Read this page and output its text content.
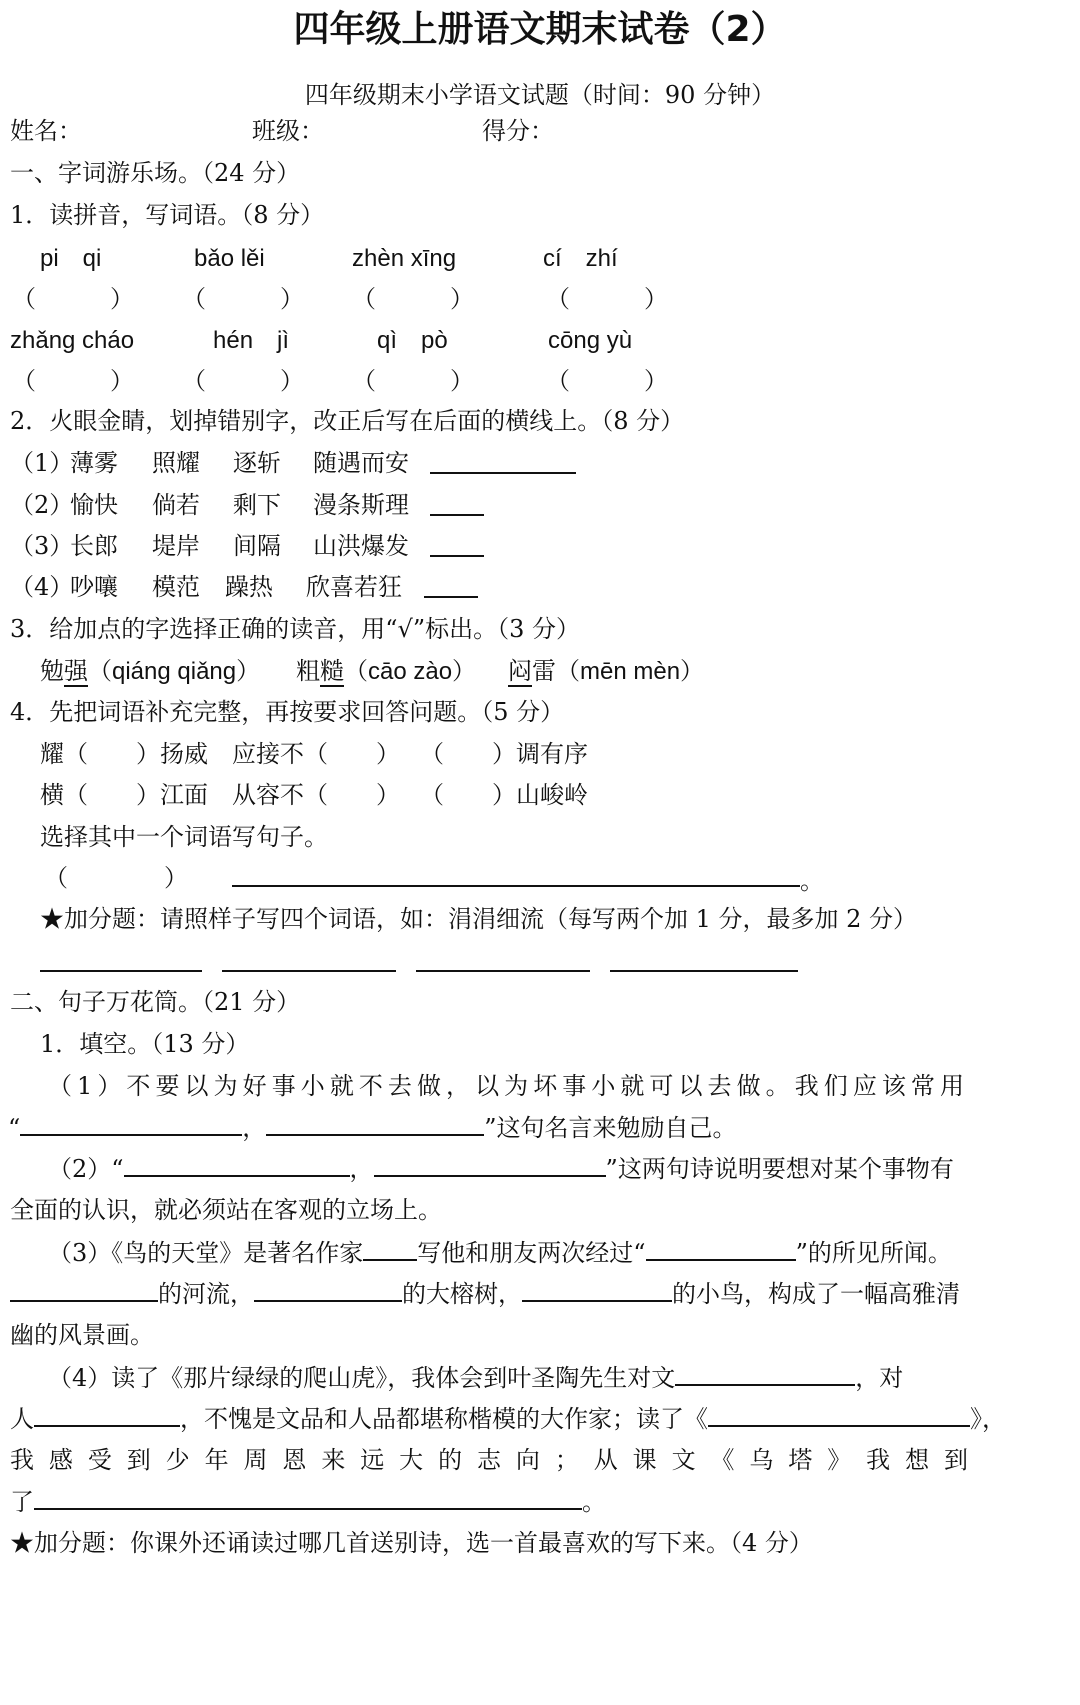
四年级上册语文期末试卷（2）
四年级期末小学语文试题（时间：90 分钟）
姓名：	班级：	得分：
一、字词游乐场。（24 分）
1．读拼音，写词语。（8 分）
pi　qi	bǎo lěi	zhèn xīng	cí　zhí
（	） （	） （	）	（	）
zhǎng cháo	hén　jì	qì　pò	cōng yù
（	） （	） （	）	（	）
2．火眼金睛，划掉错别字，改正后写在后面的横线上。（8 分）
（1）
薄雾 照耀 逐斩 随遇而安
（2）
愉快 倘若 剩下 漫条斯理
（3）
长郎 堤岸 间隔 山洪爆发
（4）
吵嚷 模范 躁热 欣喜若狂
3．给加点的字选择正确的读音，用“√”标出。（3 分）
勉强（qiáng qiǎng） 粗糙（cāo zào） 闷雷（mēn mèn）
4．先把词语补充完整，再按要求回答问题。（5 分）
耀（　　）扬威 应接不（　　） （　　）调有序
横（　　）江面 从容不（　　） （　　）山峻岭
选择其中一个词语写句子。
（　　　　）	。
★加分题：请照样子写四个词语，如：涓涓细流（每写两个加 1 分，最多加 2 分）
二、句子万花筒。（21 分）
1．填空。（13 分）
（1）不要以为好事小就不去做，以为坏事小就可以去做。我们应该常用
“	，	”这句名言来勉励自己。
（2）“	，	”这两句诗说明要想对某个事物有
全面的认识，就必须站在客观的立场上。
（3）《鸟的天堂》是著名作家 写他和朋友两次经过“	”的所见所闻。
的河流，	的大榕树，	的小鸟，构成了一幅高雅清
幽的风景画。
（4）读了《那片绿绿的爬山虎》，我体会到叶圣陶先生对文	，对
人	，不愧是文品和人品都堪称楷模的大作家；读了《	》，
我感受到少年周恩来远大的志向；从课文《乌塔》我想到
了	。
★加分题：你课外还诵读过哪几首送别诗，选一首最喜欢的写下来。（4 分）
